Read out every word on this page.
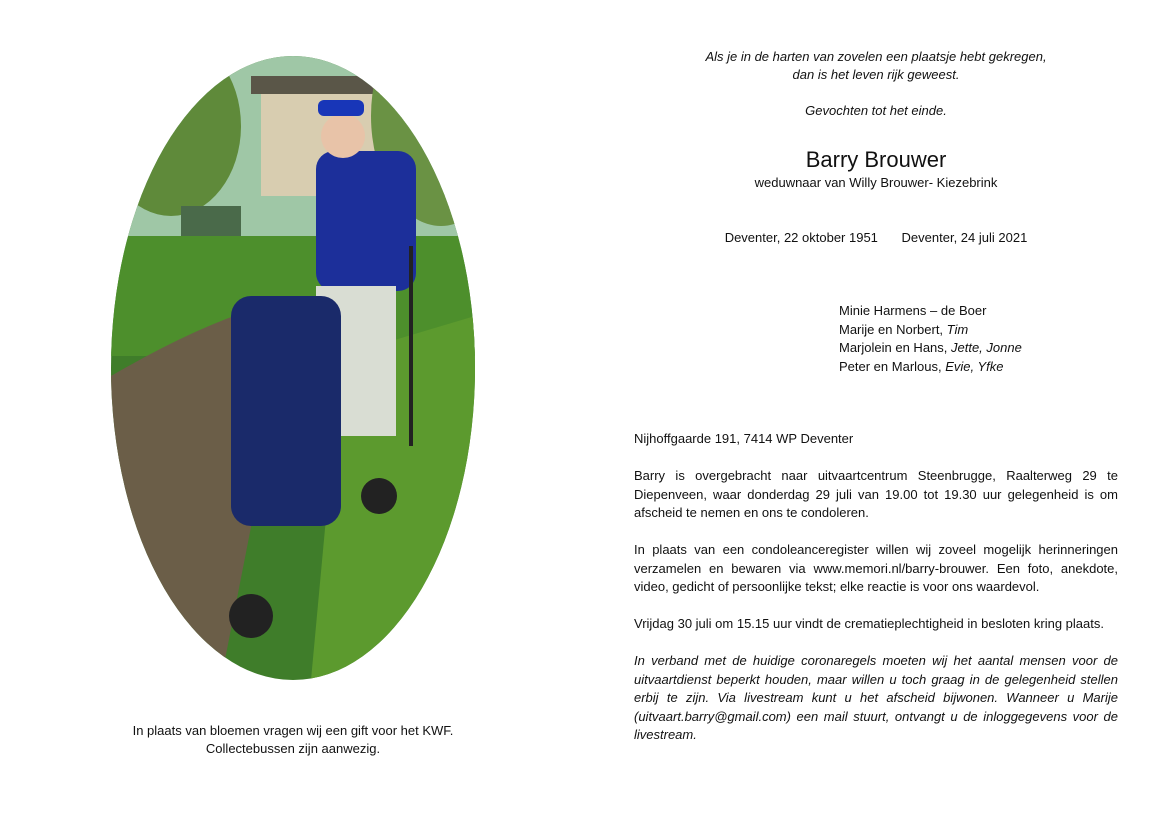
In plaats van bloemen vragen wij een gift voor het KWF.
Collectebussen zijn aanwezig.

Als je in de harten van zovelen een plaatsje hebt gekregen,

dan is het leven rijk geweest.

Gevochten tot het einde.

Barry Brouwer
weduwnaar van Willy Brouwer- Kiezebrink
Deventer, 22 oktober 1951 Deventer, 24 juli 2021
Minie Harmens – de Boer
Marije en Norbert, Tim
Marjolein en Hans, Jette, Jonne
Peter en Marlous, Evie, Yfke

Nijhoffgaarde 191, 7414 WP Deventer

Barry is overgebracht naar uitvaartcentrum Steenbrugge, Raalterweg 29 te Diepenveen, waar donderdag 29 juli van 19.00 tot 19.30 uur gelegenheid is om afscheid te nemen en ons te condoleren.

In plaats van een condoleanceregister willen wij zoveel mogelijk herinneringen verzamelen en bewaren via www.memori.nl/barry-brouwer. Een foto, anekdote, video, gedicht of persoonlijke tekst; elke reactie is voor ons waardevol.

Vrijdag 30 juli om 15.15 uur vindt de crematieplechtigheid in besloten kring plaats.

In verband met de huidige coronaregels moeten wij het aantal mensen voor de uitvaartdienst beperkt houden, maar willen u toch graag in de gelegenheid stellen erbij te zijn. Via livestream kunt u het afscheid bijwonen. Wanneer u Marije (uitvaart.barry@gmail.com) een mail stuurt, ontvangt u de inloggegevens voor de livestream.
